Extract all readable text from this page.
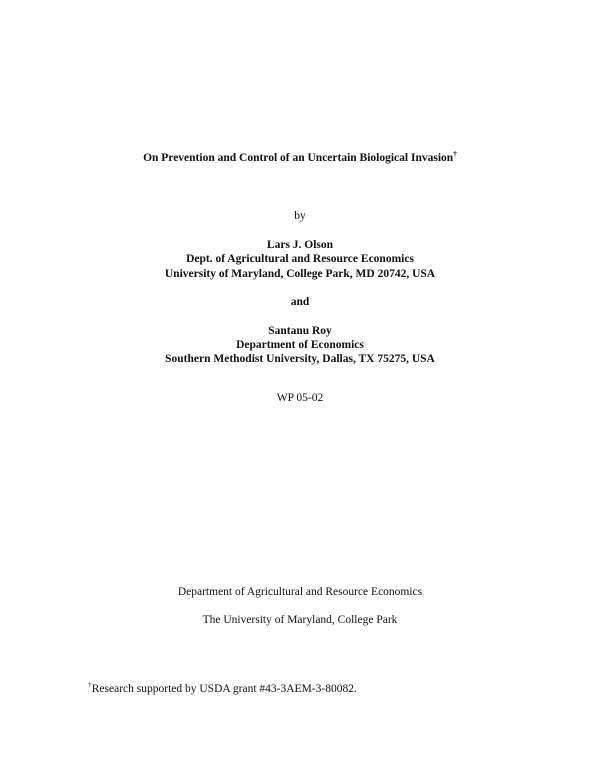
On Prevention and Control of an Uncertain Biological Invasion†
by
Lars J. Olson
Dept. of Agricultural and Resource Economics
University of Maryland, College Park, MD 20742, USA
and
Santanu Roy
Department of Economics
Southern Methodist University, Dallas, TX 75275, USA
WP 05-02
Department of Agricultural and Resource Economics
The University of Maryland, College Park
†Research supported by USDA grant #43-3AEM-3-80082.
